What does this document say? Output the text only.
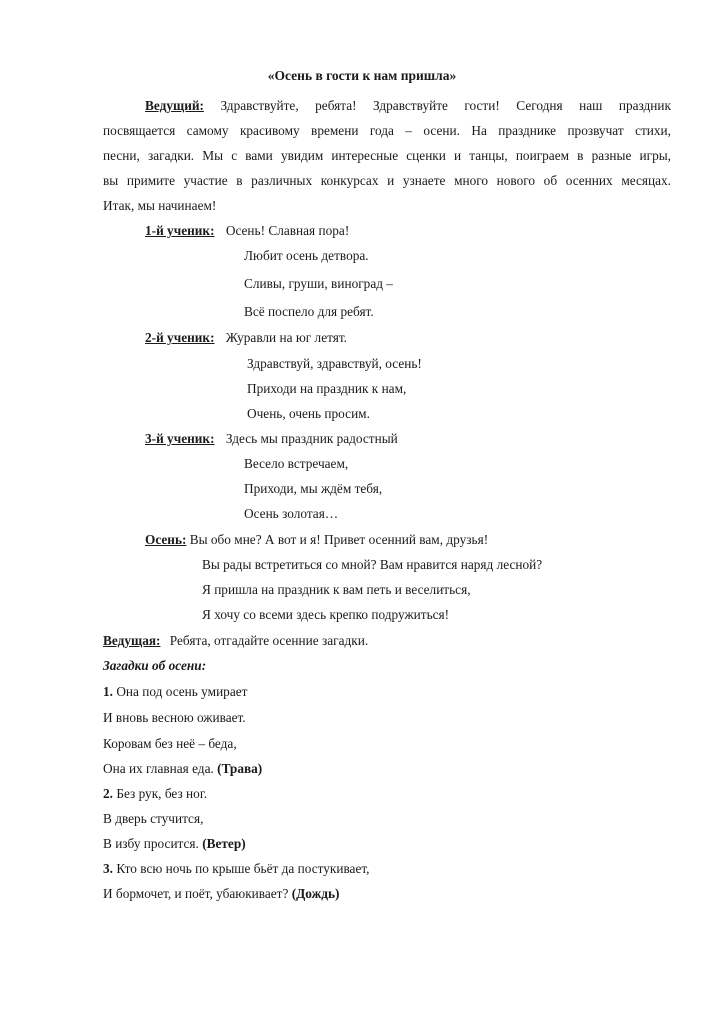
«Осень в гости к нам пришла»
Ведущий: Здравствуйте, ребята! Здравствуйте гости! Сегодня наш праздник
посвящается самому красивому времени года – осени. На празднике прозвучат стихи,
песни, загадки. Мы с вами увидим интересные сценки и танцы, поиграем в разные игры,
вы примите участие в различных конкурсах и узнаете много нового об осенних месяцах.
Итак, мы начинаем!
1-й ученик: Осень! Славная пора!
Любит осень детвора.
Сливы, груши, виноград –
Всё поспело для ребят.
2-й ученик: Журавли на юг летят.
Здравствуй, здравствуй, осень!
Приходи на праздник к нам,
Очень, очень просим.
3-й ученик: Здесь мы праздник радостный
Весело встречаем,
Приходи, мы ждём тебя,
Осень золотая…
Осень: Вы обо мне? А вот и я! Привет осенний вам, друзья!
Вы рады встретиться со мной? Вам нравится наряд лесной?
Я пришла на праздник к вам петь и веселиться,
Я хочу со всеми здесь крепко подружиться!
Ведущая: Ребята, отгадайте осенние загадки.
Загадки об осени:
1. Она под осень умирает
И вновь весною оживает.
Коровам без неё – беда,
Она их главная еда. (Трава)
2. Без рук, без ног.
В дверь стучится,
В избу просится. (Ветер)
3. Кто всю ночь по крыше бьёт да постукивает,
И бормочет, и поёт, убаюкивает? (Дождь)
